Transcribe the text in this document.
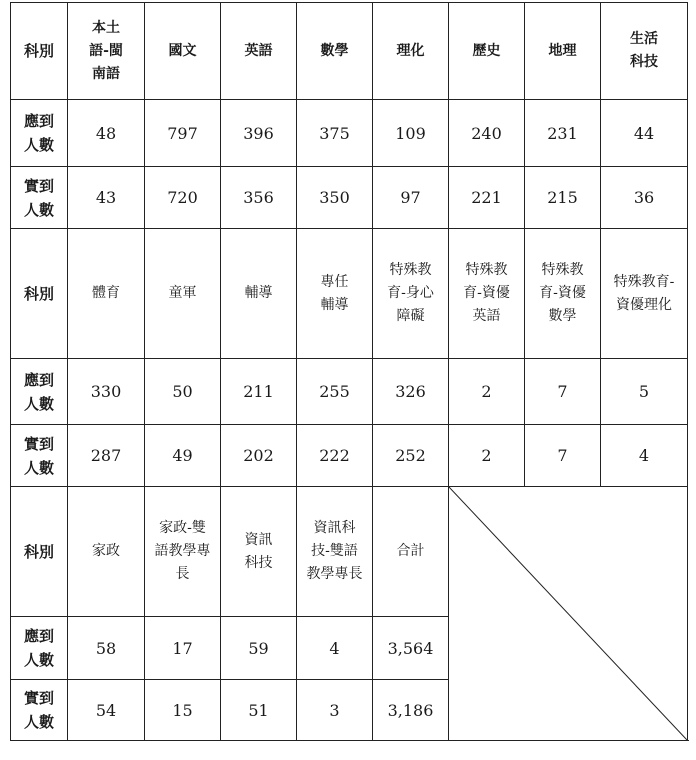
科別	本土語-閩南語	國文	英語	數學	理化	歷史	地理	生活科技
應到人數	48	797	396	375	109	240	231	44
實到人數	43	720	356	350	97	221	215	36
科別	體育	童軍	輔導	專任輔導	特殊教育-身心障礙	特殊教育-資優英語	特殊教育-資優數學	特殊教育-資優理化
應到人數	330	50	211	255	326	2	7	5
實到人數	287	49	202	222	252	2	7	4
科別	家政	家政-雙語教學專長	資訊科技	資訊科技-雙語教學專長	合計	

應到人數	58	17	59	4	3,564			
實到人數	54	15	51	3	3,186			
